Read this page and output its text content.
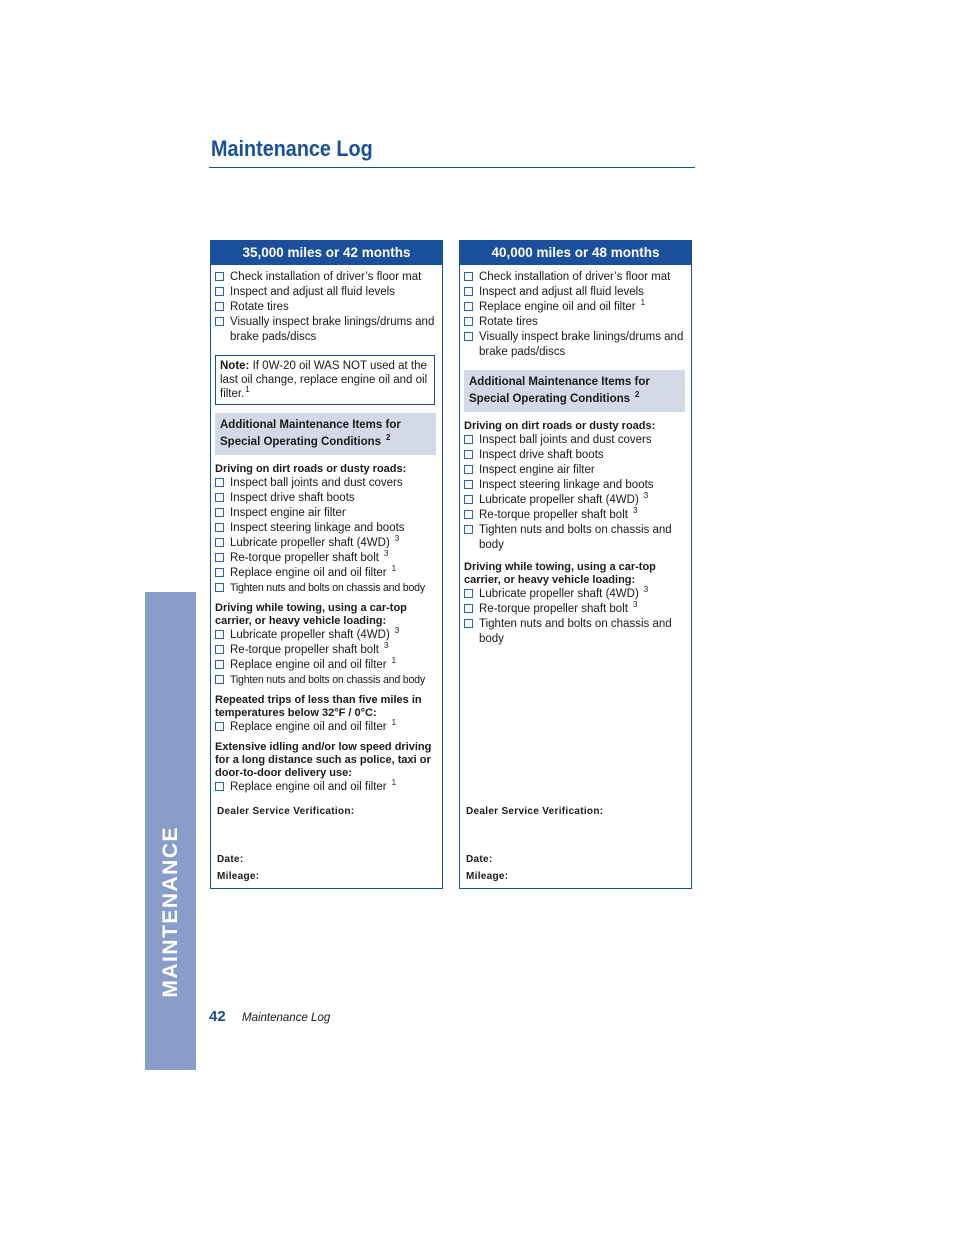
MAINTENANCE
Maintenance Log
35,000 miles or 42 months
Check installation of driver’s floor mat
Inspect and adjust all fluid levels
Rotate tires
Visually inspect brake linings/drums and brake pads/discs
Note: If 0W-20 oil WAS NOT used at the last oil change, replace engine oil and oil filter.$^1$
Additional Maintenance Items for
Special Operating Conditions $^2$
Driving on dirt roads or dusty roads:
Inspect ball joints and dust covers
Inspect drive shaft boots
Inspect engine air filter
Inspect steering linkage and boots
Lubricate propeller shaft (4WD) $^3$
Re-torque propeller shaft bolt $^3$
Replace engine oil and oil filter $^1$
Tighten nuts and bolts on chassis and body
Driving while towing, using a car-top carrier, or heavy vehicle loading:
Lubricate propeller shaft (4WD) $^3$
Re-torque propeller shaft bolt $^3$
Replace engine oil and oil filter $^1$
Tighten nuts and bolts on chassis and body
Repeated trips of less than five miles in temperatures below 32°F / 0°C:
Replace engine oil and oil filter $^1$
Extensive idling and/or low speed driving for a long distance such as police, taxi or door-to-door delivery use:
Replace engine oil and oil filter $^1$
Dealer Service Verification:
Date:
Mileage:
40,000 miles or 48 months
Check installation of driver’s floor mat
Inspect and adjust all fluid levels
Replace engine oil and oil filter $^1$
Rotate tires
Visually inspect brake linings/drums and brake pads/discs
Additional Maintenance Items for
Special Operating Conditions $^2$
Driving on dirt roads or dusty roads:
Inspect ball joints and dust covers
Inspect drive shaft boots
Inspect engine air filter
Inspect steering linkage and boots
Lubricate propeller shaft (4WD) $^3$
Re-torque propeller shaft bolt $^3$
Tighten nuts and bolts on chassis and body
Driving while towing, using a car-top carrier, or heavy vehicle loading:
Lubricate propeller shaft (4WD) $^3$
Re-torque propeller shaft bolt $^3$
Tighten nuts and bolts on chassis and body
Dealer Service Verification:
Date:
Mileage:
42 Maintenance Log
